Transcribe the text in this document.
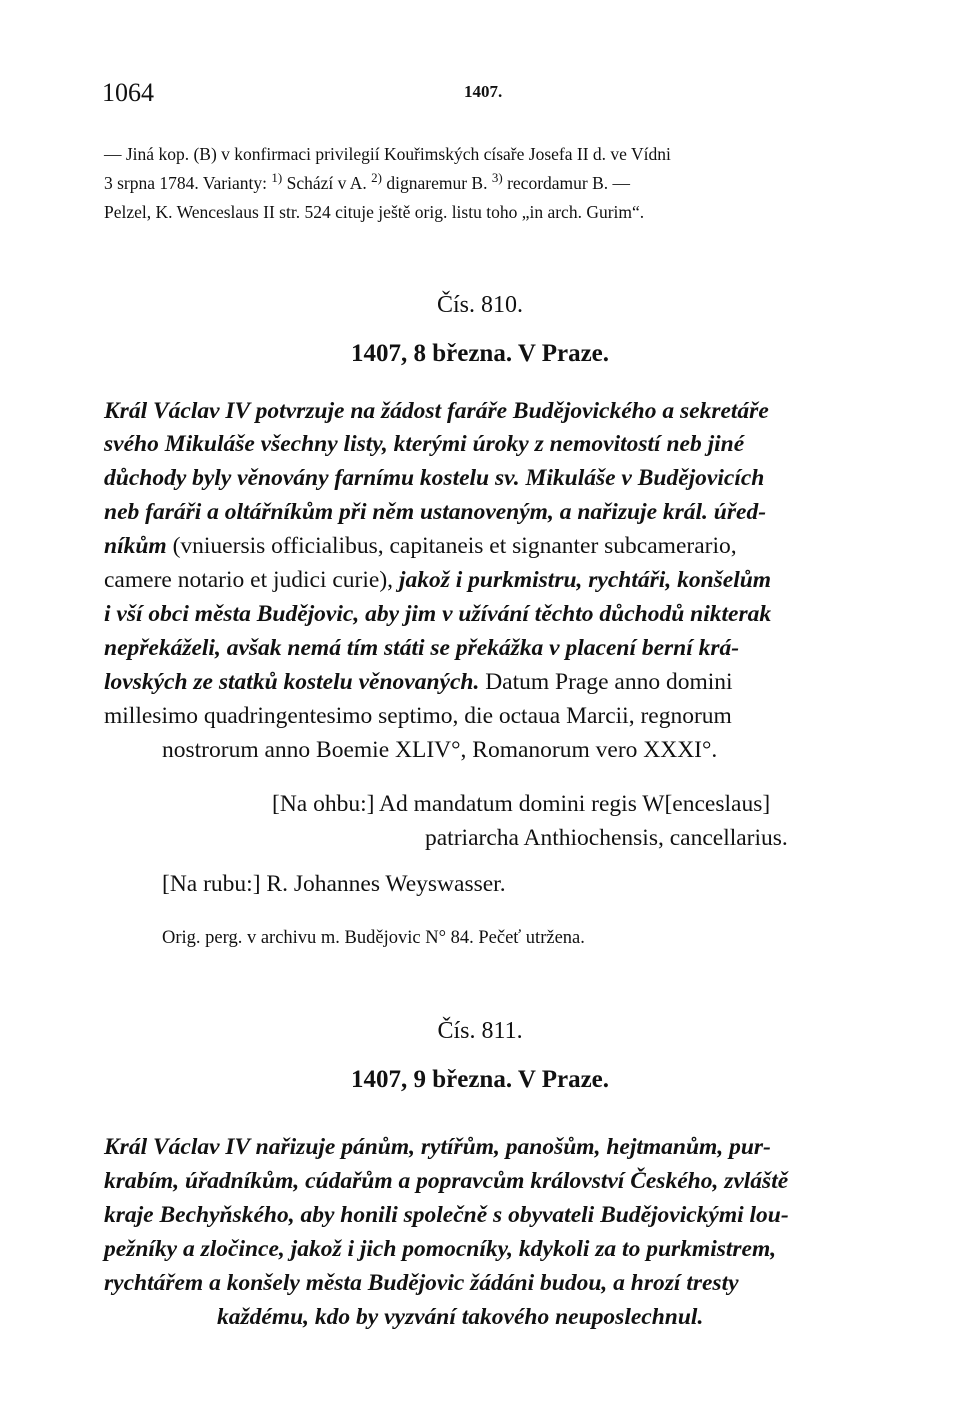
1064	1407.
— Jiná kop. (B) v konfirmaci privilegií Kouřimských císaře Josefa II d. ve Vídni
3 srpna 1784. Varianty: $^{1)}$ Schází v A. $^{2)}$ dignaremur B. $^{3)}$ recordamur B. —
Pelzel, K. Wenceslaus II str. 524 cituje ještě orig. listu toho „in arch. Gurim“.
Čís. 810.
1407, 8 března. V Praze.
Král Václav IV potvrzuje na žádost faráře Budějovického a sekretáře
svého Mikuláše všechny listy, kterými úroky z nemovitostí neb jiné
důchody byly věnovány farnímu kostelu sv. Mikuláše v Budějovicích
neb faráři a oltářníkům při něm ustanoveným, a nařizuje král. úřed-
níkům (vniuersis officialibus, capitaneis et signanter subcamerario,
camere notario et judici curie), jakož i purkmistru, rychtáři, konšelům
i vší obci města Budějovic, aby jim v užívání těchto důchodů nikterak
nepřekáželi, avšak nemá tím státi se překážka v placení berní krá-
lovských ze statků kostelu věnovaných. Datum Prage anno domini
millesimo quadringentesimo septimo, die octaua Marcii, regnorum
nostrorum anno Boemie XLIV°, Romanorum vero XXXI°.
[Na ohbu:] Ad mandatum domini regis W[enceslaus]
patriarcha Anthiochensis, cancellarius.
[Na rubu:] R. Johannes Weyswasser.
Orig. perg. v archivu m. Budějovic N° 84. Pečeť utržena.
Čís. 811.
1407, 9 března. V Praze.
Král Václav IV nařizuje pánům, rytířům, panošům, hejtmanům, pur-
krabím, úřadníkům, cúdařům a popravcům království Českého, zvláště
kraje Bechyňského, aby honili společně s obyvateli Budějovickými lou-
pežníky a zločince, jakož i jich pomocníky, kdykoli za to purkmistrem,
rychtářem a konšely města Budějovic žádáni budou, a hrozí tresty
každému, kdo by vyzvání takového neuposlechnul.
